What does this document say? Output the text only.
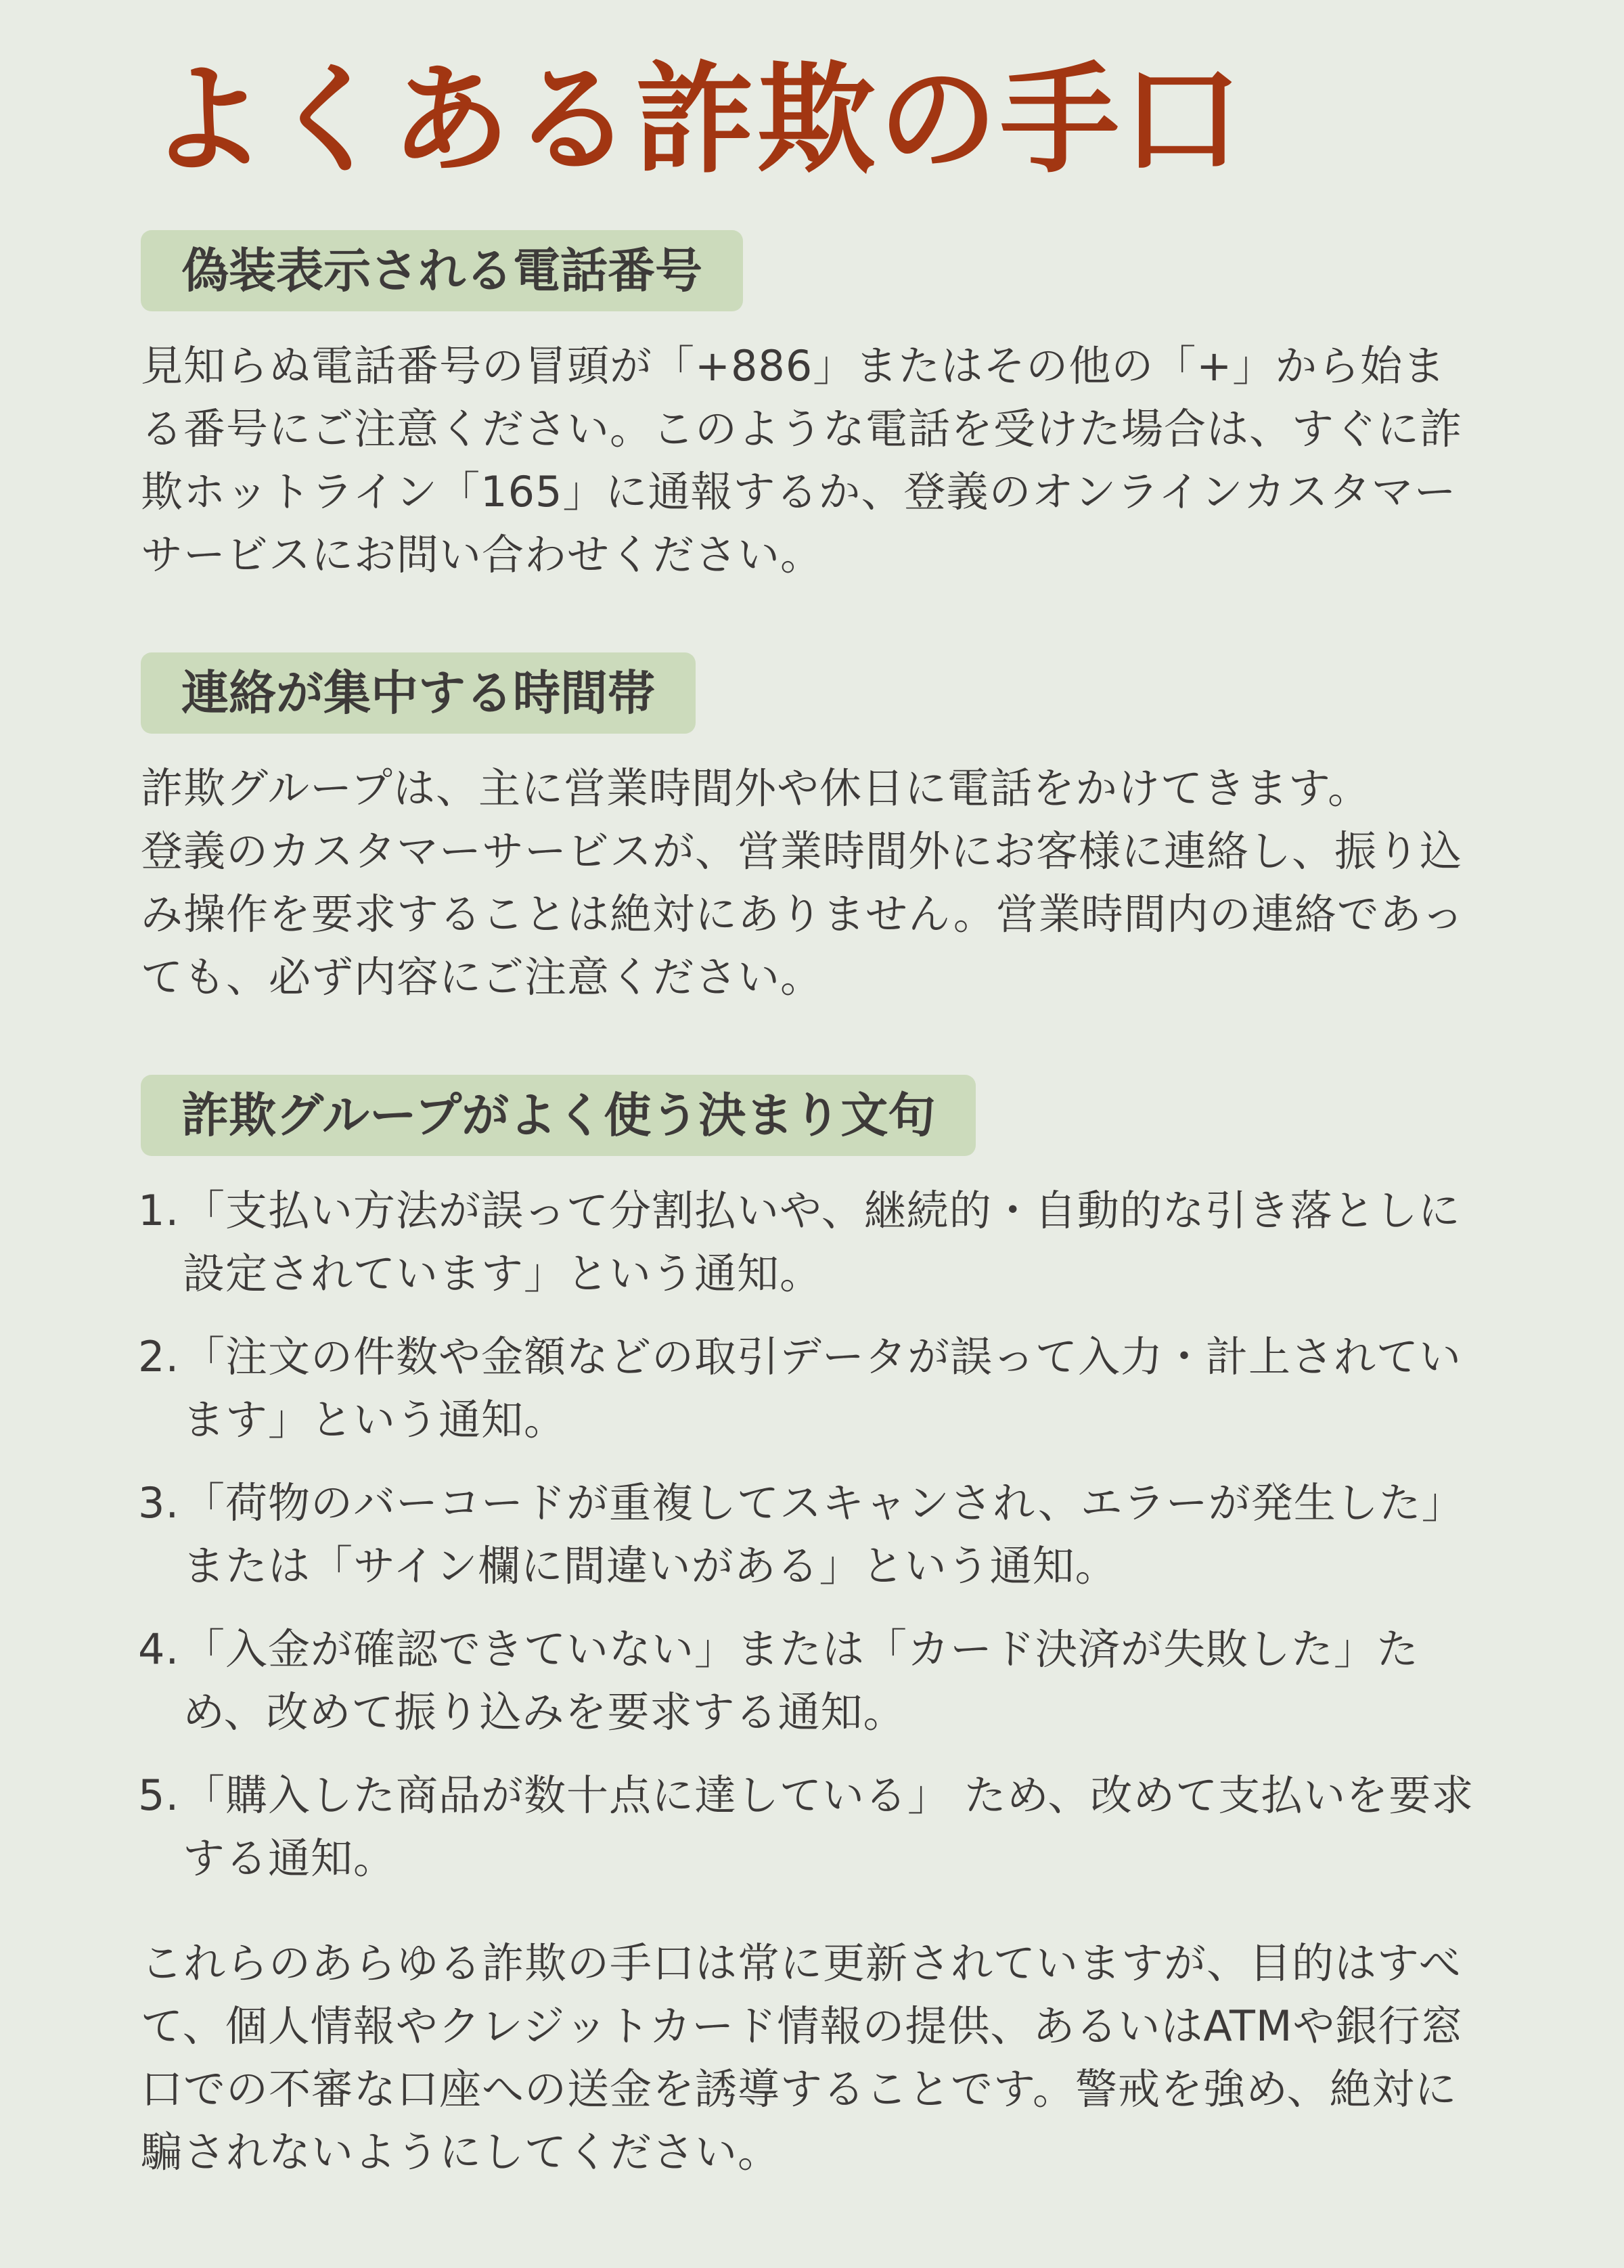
よくある詐欺の手口
偽装表示される電話番号

見知らぬ電話番号の冒頭が「+886」またはその他の「+」から始まる番号にご注意ください。このような電話を受けた場合は、すぐに詐欺ホットライン「165」に通報するか、登義のオンラインカスタマーサービスにお問い合わせください。

連絡が集中する時間帯

詐欺グループは、主に営業時間外や休日に電話をかけてきます。
登義のカスタマーサービスが、営業時間外にお客様に連絡し、振り込み操作を要求することは絶対にありません。営業時間内の連絡であっても、必ず内容にご注意ください。

詐欺グループがよく使う決まり文句
1. 「支払い方法が誤って分割払いや、継続的・自動的な引き落としに設定されています」という通知。
2. 「注文の件数や金額などの取引データが誤って入力・計上されています」という通知。
3. 「荷物のバーコードが重複してスキャンされ、エラーが発生した」または「サイン欄に間違いがある」という通知。
4. 「入金が確認できていない」または「カード決済が失敗した」ため、改めて振り込みを要求する通知。
5. 「購入した商品が数十点に達している」 ため、改めて支払いを要求する通知。

これらのあらゆる詐欺の手口は常に更新されていますが、目的はすべて、個人情報やクレジットカード情報の提供、あるいはATMや銀行窓口での不審な口座への送金を誘導することです。警戒を強め、絶対に騙されないようにしてください。
